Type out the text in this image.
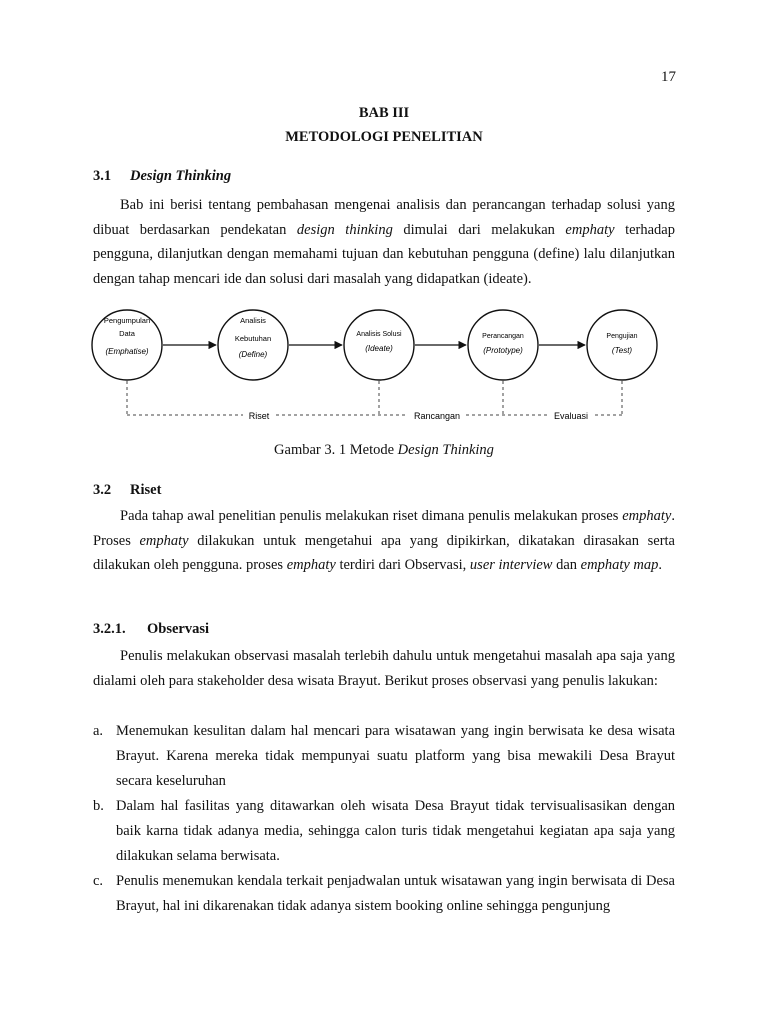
17
BAB III
METODOLOGI PENELITIAN
3.1 Design Thinking
Bab ini berisi tentang pembahasan mengenai analisis dan perancangan terhadap solusi yang dibuat berdasarkan pendekatan design thinking dimulai dari melakukan emphaty terhadap pengguna, dilanjutkan dengan memahami tujuan dan kebutuhan pengguna (define) lalu dilanjutkan dengan tahap mencari ide dan solusi dari masalah yang didapatkan (ideate).
Pengumpulan
Data
(Emphatise)
Analisis
Kebutuhan
(Define)
Analisis Solusi
(Ideate)
Perancangan
(Prototype)
Pengujian
(Test)
Riset	Rancangan	Evaluasi
Gambar 3. 1 Metode Design Thinking
3.2 Riset
Pada tahap awal penelitian penulis melakukan riset dimana penulis melakukan proses emphaty. Proses emphaty dilakukan untuk mengetahui apa yang dipikirkan, dikatakan dirasakan serta dilakukan oleh pengguna. proses emphaty terdiri dari Observasi, user interview dan emphaty map.
3.2.1. Observasi
Penulis melakukan observasi masalah terlebih dahulu untuk mengetahui masalah apa saja yang dialami oleh para stakeholder desa wisata Brayut. Berikut proses observasi yang penulis lakukan:

a. Menemukan kesulitan dalam hal mencari para wisatawan yang ingin berwisata ke desa wisata Brayut. Karena mereka tidak mempunyai suatu platform yang bisa mewakili Desa Brayut secara keseluruhan

b. Dalam hal fasilitas yang ditawarkan oleh wisata Desa Brayut tidak tervisualisasikan dengan baik karna tidak adanya media, sehingga calon turis tidak mengetahui kegiatan apa saja yang dilakukan selama berwisata.

c. Penulis menemukan kendala terkait penjadwalan untuk wisatawan yang ingin berwisata di Desa Brayut, hal ini dikarenakan tidak adanya sistem booking online sehingga pengunjung
